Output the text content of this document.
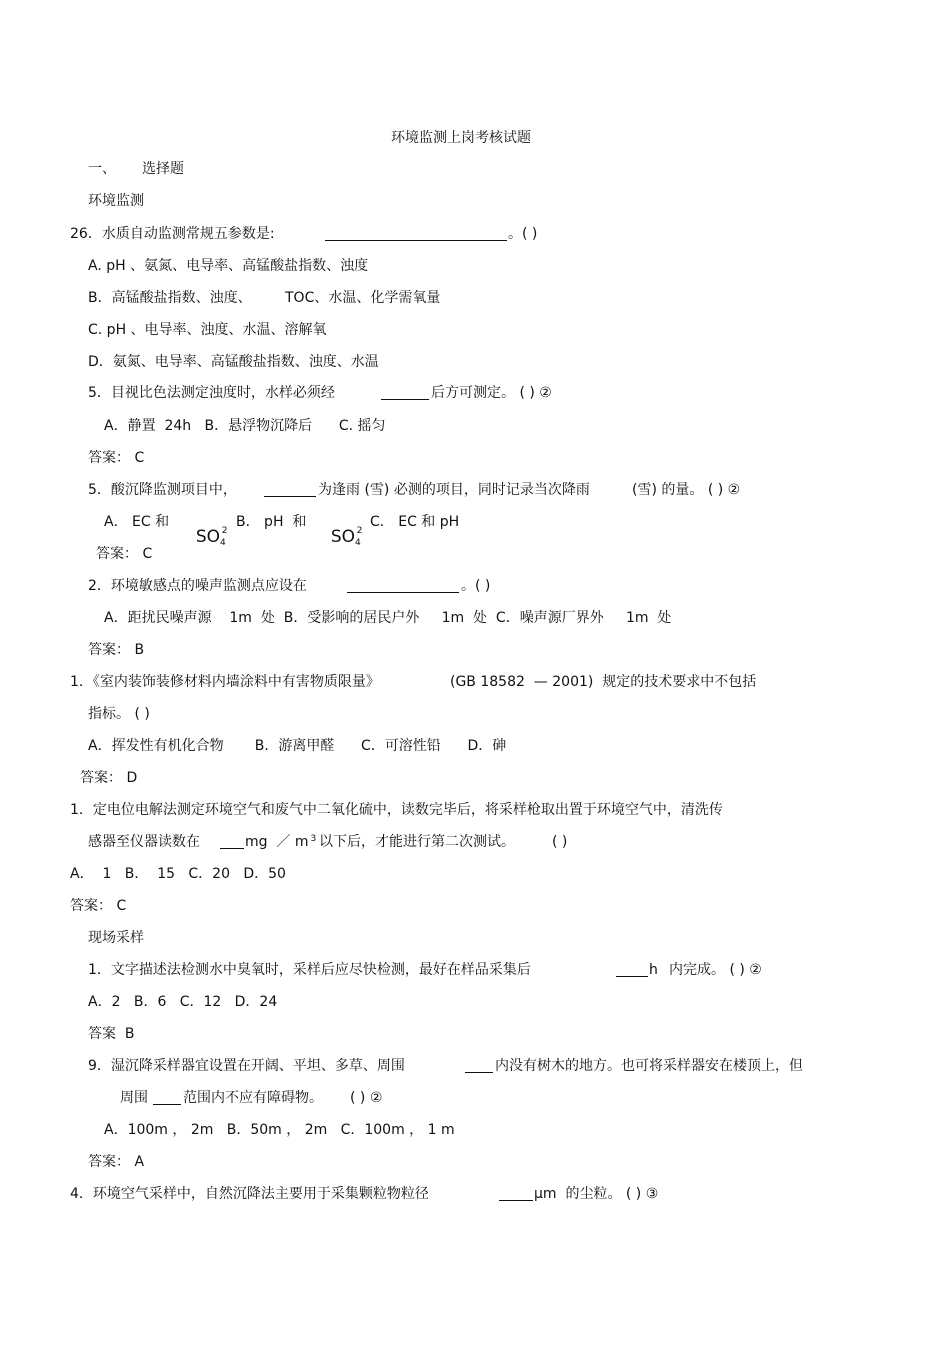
环境监测上岗考核试题
一、 选择题
环境监测
26．水质自动监测常规五参数是:	。( )
A. pH 、氨氮、电导率、高锰酸盐指数、浊度
B．高锰酸盐指数、浊度、 TOC、水温、化学需氧量
C. pH 、电导率、浊度、水温、溶解氧
D．氨氮、电导率、高锰酸盐指数、浊度、水温
5．目视比色法测定浊度时，水样必须经	后方可测定。 ( ) ②
A．静置  24h   B．悬浮物沉降后      C. 摇匀
答案： C
5．酸沉降监测项目中，	为逢雨 (雪) 必测的项目，同时记录当次降雨	(雪) 的量。 ( ) ②
A． EC 和

$SO_4^2$

B． pH  和

$SO_4^2$

C． EC 和 pH
答案： C
2．环境敏感点的噪声监测点应设在	。( )
A．距扰民噪声源    1m  处  B．受影响的居民户外     1m  处  C．噪声源厂界外     1m  处
答案： B
1．《室内装饰装修材料内墙涂料中有害物质限量》	(GB 18582  — 2001)  规定的技术要求中不包括
指标。 ( )
A．挥发性有机化合物       B．游离甲醛      C．可溶性铅      D．砷
答案： D
1．定电位电解法测定环境空气和废气中二氧化硫中，读数完毕后，将采样枪取出置于环境空气中，清洗传
感器至仪器读数在	mg  ／ m $^3$ 以下后，才能进行第二次测试。	( )
A．  1   B．  15   C．20   D．50
答案： C
现场采样
1．文字描述法检测水中臭氧时，采样后应尽快检测，最好在样品采集后	h 内完成。 ( ) ②
A．2   B．6   C．12   D．24
答案  B
9．湿沉降采样器宜设置在开阔、平坦、多草、周围	内没有树木的地方。也可将采样器安在楼顶上，但
周围	范围内不应有障碍物。 ( ) ②
A．100m ， 2m   B．50m ， 2m   C．100m ， 1 m
答案： A
4．环境空气采样中，自然沉降法主要用于采集颗粒物粒径	μm  的尘粒。 ( ) ③
